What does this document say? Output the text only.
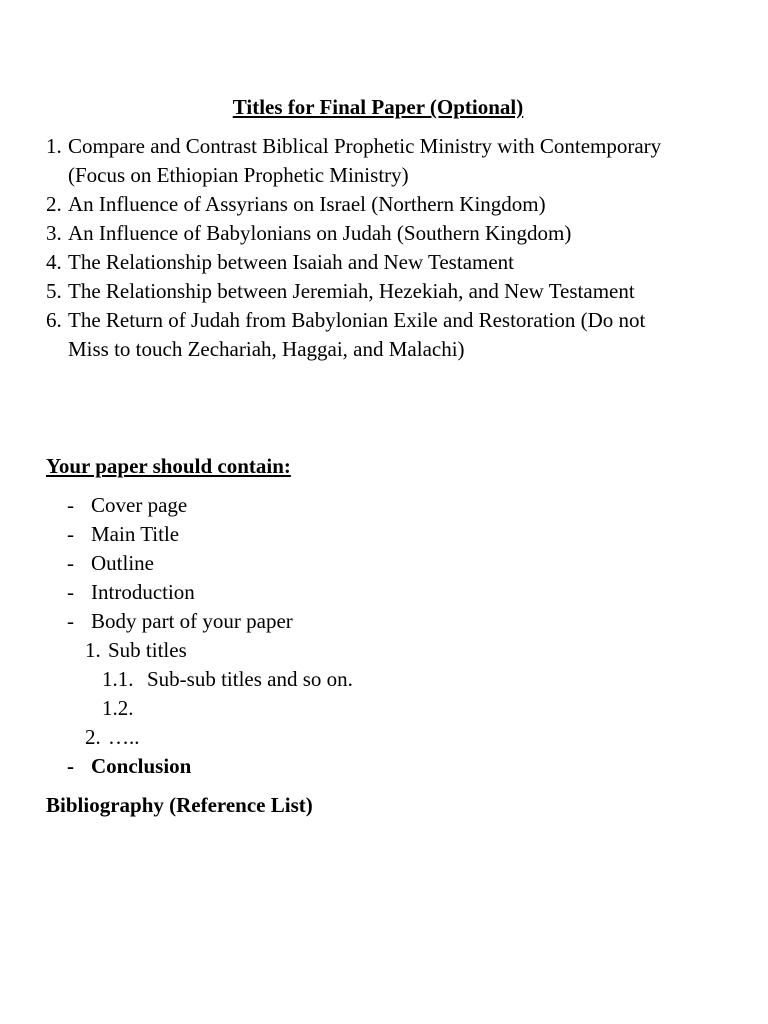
Titles for Final Paper (Optional)
1. Compare and Contrast Biblical Prophetic Ministry with Contemporary
(Focus on Ethiopian Prophetic Ministry)
2. An Influence of Assyrians on Israel (Northern Kingdom)
3. An Influence of Babylonians on Judah (Southern Kingdom)
4. The Relationship between Isaiah and New Testament
5. The Relationship between Jeremiah, Hezekiah, and New Testament
6. The Return of Judah from Babylonian Exile and Restoration (Do not
Miss to touch Zechariah, Haggai, and Malachi)
Your paper should contain:
- Cover page
- Main Title
- Outline
- Introduction
- Body part of your paper
1. Sub titles
1.1. Sub-sub titles and so on.
1.2.
2. …..
- Conclusion
Bibliography (Reference List)
